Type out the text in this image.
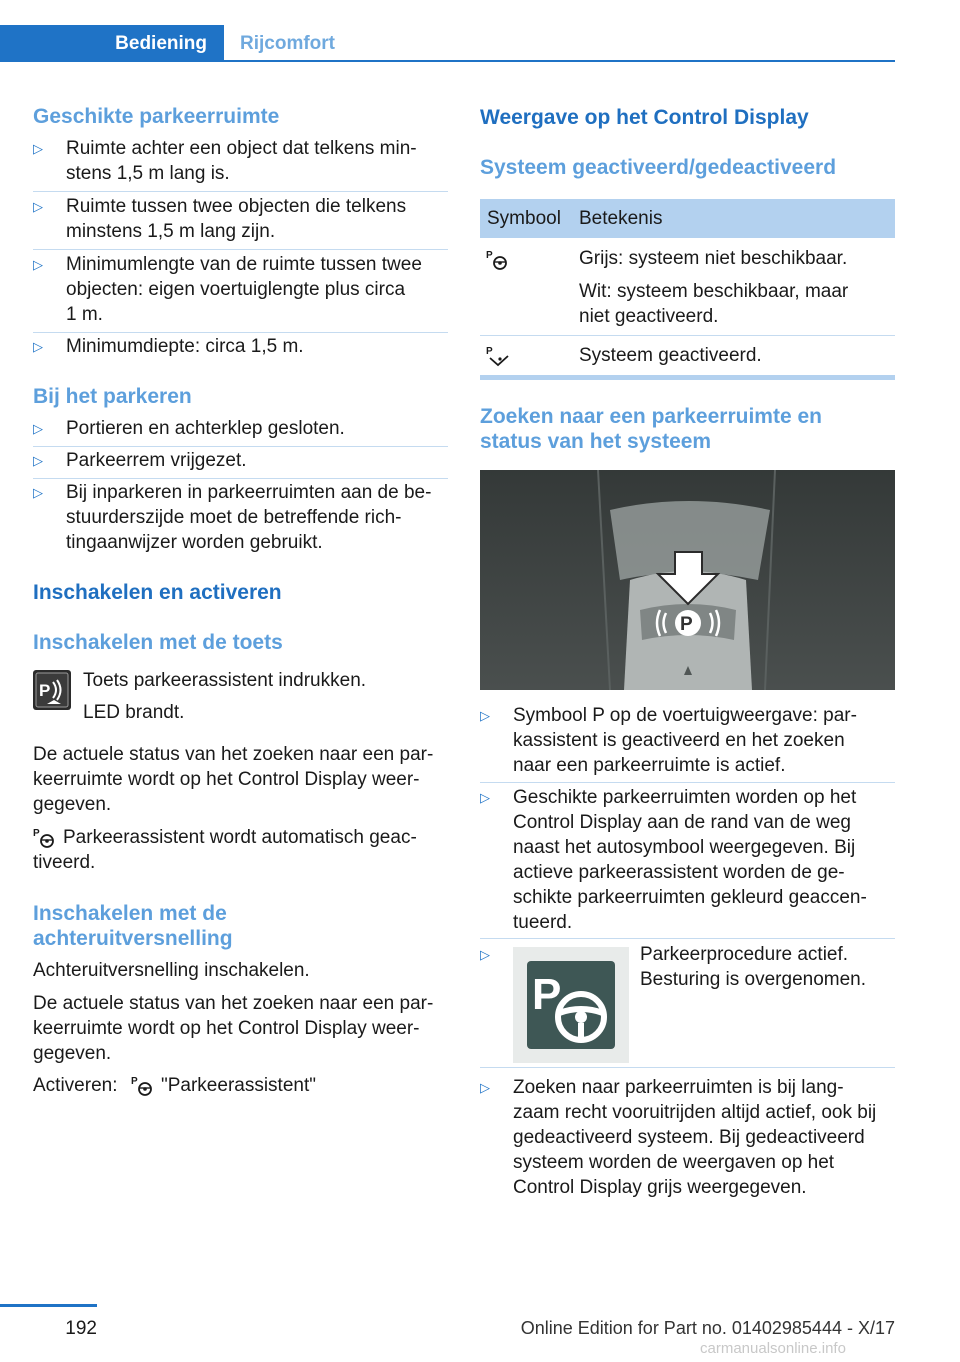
Bediening	Rijcomfort
Geschikte parkeerruimte
▷ Ruimte achter een object dat telkens min-
stens 1,5 m lang is.
▷ Ruimte tussen twee objecten die telkens
minstens 1,5 m lang zijn.
▷ Minimumlengte van de ruimte tussen twee
objecten: eigen voertuiglengte plus circa
1 m.
▷ Minimumdiepte: circa 1,5 m.
Bij het parkeren
▷ Portieren en achterklep gesloten.
▷ Parkeerrem vrijgezet.
▷ Bij inparkeren in parkeerruimten aan de be-
stuurderszijde moet de betreffende rich-
tingaanwijzer worden gebruikt.
Inschakelen en activeren
Inschakelen met de toets
P Toets parkeerassistent indrukken.
LED brandt.
De actuele status van het zoeken naar een par-
keerruimte wordt op het Control Display weer-
gegeven.
P Parkeerassistent wordt automatisch geac-
tiveerd.
Inschakelen met de
achteruitversnelling
Achteruitversnelling inschakelen.
De actuele status van het zoeken naar een par-
keerruimte wordt op het Control Display weer-
gegeven.
Activeren: P "Parkeerassistent"
Weergave op het Control Display
Systeem geactiveerd/gedeactiveerd
Symbool Betekenis
P	Grijs: systeem niet beschikbaar.
Wit: systeem beschikbaar, maar
niet geactiveerd.
P	Systeem geactiveerd.
Zoeken naar een parkeerruimte en
status van het systeem
▷ Symbool P op de voertuigweergave: par-
kassistent is geactiveerd en het zoeken
naar een parkeerruimte is actief.
▷ Geschikte parkeerruimten worden op het
Control Display aan de rand van de weg
naast het autosymbool weergegeven. Bij
actieve parkeerassistent worden de ge-
schikte parkeerruimten gekleurd geaccen-
tueerd.
▷
P
Parkeerprocedure actief.
Besturing is overgenomen.
▷ Zoeken naar parkeerruimten is bij lang-
zaam recht vooruitrijden altijd actief, ook bij
gedeactiveerd systeem. Bij gedeactiveerd
systeem worden de weergaven op het
Control Display grijs weergegeven.
P
192	Online Edition for Part no. 01402985444 - X/17
carmanualsonline.info
